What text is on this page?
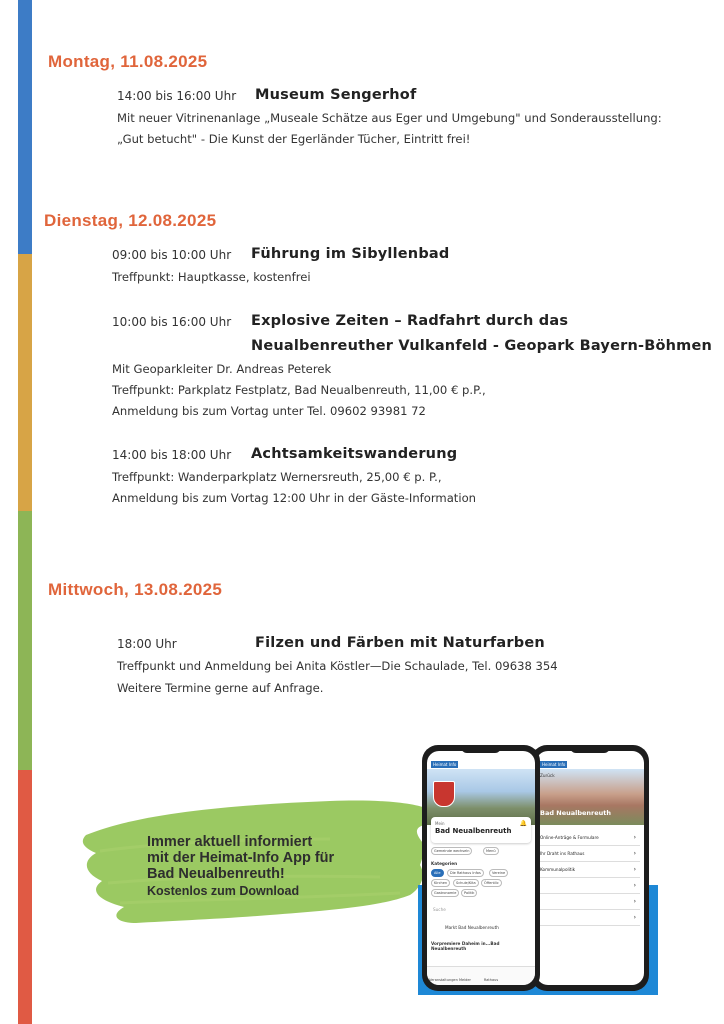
Montag, 11.08.2025
14:00 bis 16:00 Uhr Museum Sengerhof
Mit neuer Vitrinenanlage „Museale Schätze aus Eger und Umgebung" und Sonderausstellung:
„Gut betucht" - Die Kunst der Egerländer Tücher, Eintritt frei!
Dienstag, 12.08.2025
09:00 bis 10:00 Uhr Führung im Sibyllenbad
Treffpunkt: Hauptkasse, kostenfrei
10:00 bis 16:00 Uhr Explosive Zeiten – Radfahrt durch das
Neualbenreuther Vulkanfeld - Geopark Bayern-Böhmen
Mit Geoparkleiter Dr. Andreas Peterek
Treffpunkt: Parkplatz Festplatz, Bad Neualbenreuth, 11,00 € p.P.,
Anmeldung bis zum Vortag unter Tel. 09602 93981 72
14:00 bis 18:00 Uhr Achtsamkeitswanderung
Treffpunkt: Wanderparkplatz Wernersreuth, 25,00 € p. P.,
Anmeldung bis zum Vortag 12:00 Uhr in der Gäste-Information
Mittwoch, 13.08.2025
18:00 Uhr	Filzen und Färben mit Naturfarben
Treffpunkt und Anmeldung bei Anita Köstler—Die Schaulade, Tel. 09638 354
Weitere Termine gerne auf Anfrage.
Immer aktuell informiert
mit der Heimat-Info App für
Bad Neualbenreuth!
Kostenlos zum Download
Heimat Info
Zurück
Bad Neualbenreuth
Online-Anträge & Formulare	›
Ihr Draht ins Rathaus	›
Kommunalpolitik	›
›
›
›
Heimat Info
Mein
Bad Neualbenreuth
🔔
Gemeinde wechseln	Menü
Kategorien
Alle	Die Rathaus Infos	Vereine
Kirchen	Schule/Kita	Öffentlic
Gastronomie	Politik
Suche
Markt Bad Neualbenreuth
Vorpremiere Daheim in...Bad Neualbenreuth
Veranstaltungen Melder	Rathaus
